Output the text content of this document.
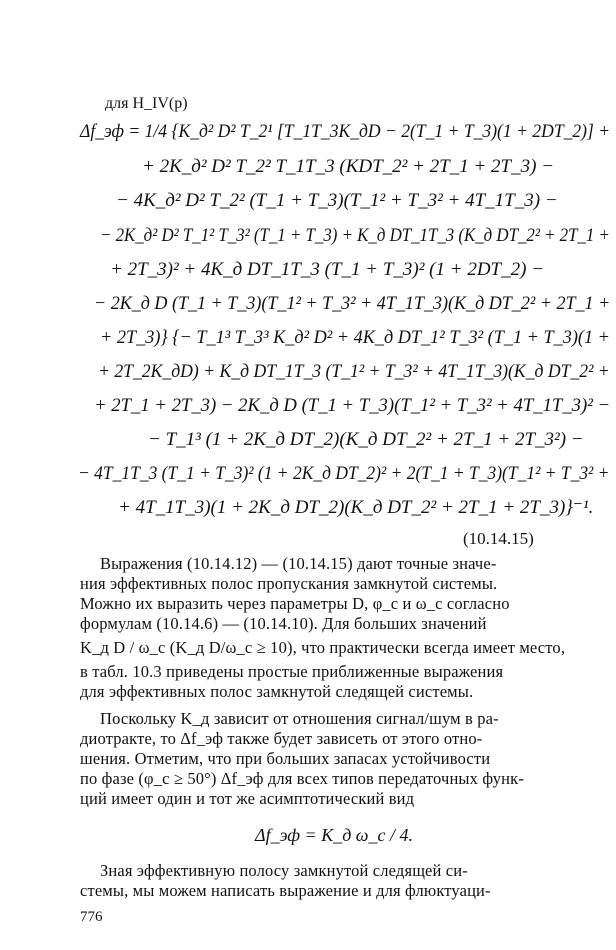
для H_IV(p)
Δf_эф = 1/4 {K_д² D² T_2¹ [T_1T_3K_дD − 2(T_1 + T_3)(1 + 2DT_2)] +
+ 2K_д² D² T_2² T_1T_3 (KDT_2² + 2T_1 + 2T_3) −
− 4K_д² D² T_2² (T_1 + T_3)(T_1² + T_3² + 4T_1T_3) −
− 2K_д² D² T_1² T_3² (T_1 + T_3) + K_д DT_1T_3 (K_д DT_2² + 2T_1 +
+ 2T_3)² + 4K_д DT_1T_3 (T_1 + T_3)² (1 + 2DT_2) −
− 2K_д D (T_1 + T_3)(T_1² + T_3² + 4T_1T_3)(K_д DT_2² + 2T_1 +
+ 2T_3)} {− T_1³ T_3³ K_д² D² + 4K_д DT_1² T_3² (T_1 + T_3)(1 +
+ 2T_2K_дD) + K_д DT_1T_3 (T_1² + T_3² + 4T_1T_3)(K_д DT_2² +
+ 2T_1 + 2T_3) − 2K_д D (T_1 + T_3)(T_1² + T_3² + 4T_1T_3)² −
− T_1³ (1 + 2K_д DT_2)(K_д DT_2² + 2T_1 + 2T_3²) −
− 4T_1T_3 (T_1 + T_3)² (1 + 2K_д DT_2)² + 2(T_1 + T_3)(T_1² + T_3² +
+ 4T_1T_3)(1 + 2K_д DT_2)(K_д DT_2² + 2T_1 + 2T_3)}⁻¹.
(10.14.15)
Выражения (10.14.12) — (10.14.15) дают точные значе-
ния эффективных полос пропускания замкнутой системы.
Можно их выразить через параметры D, φ_c и ω_c согласно
формулам (10.14.6) — (10.14.10). Для больших значений
K_д D / ω_c (K_д D/ω_c ≥ 10), что практически всегда имеет место,
в табл. 10.3 приведены простые приближенные выражения
для эффективных полос замкнутой следящей системы.
Поскольку K_д зависит от отношения сигнал/шум в ра-
диотракте, то Δf_эф также будет зависеть от этого отно-
шения. Отметим, что при больших запасах устойчивости
по фазе (φ_c ≥ 50°) Δf_эф для всех типов передаточных функ-
ций имеет один и тот же асимптотический вид
Δf_эф = K_д ω_c / 4.
Зная эффективную полосу замкнутой следящей си-
стемы, мы можем написать выражение и для флюктуаци-
776
